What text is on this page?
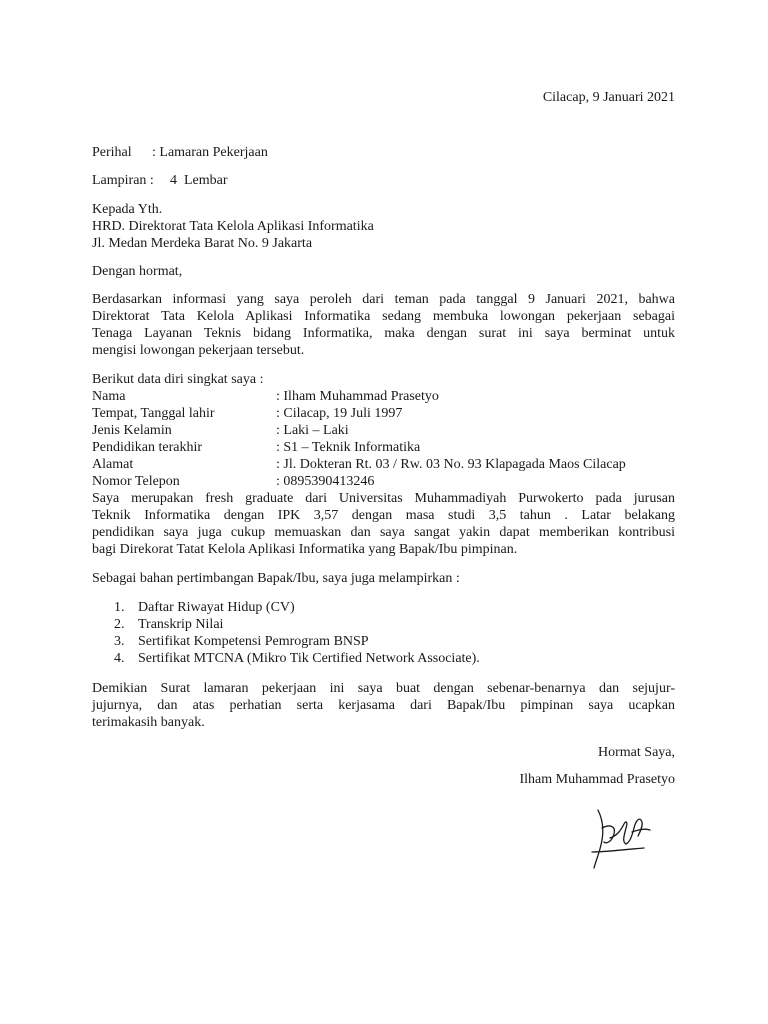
Cilacap, 9 Januari 2021
Perihal : Lamaran Pekerjaan
Lampiran : 4  Lembar
Kepada Yth.
HRD. Direktorat Tata Kelola Aplikasi Informatika
Jl. Medan Merdeka Barat No. 9 Jakarta
Dengan hormat,
Berdasarkan informasi yang saya peroleh dari teman pada tanggal 9 Januari 2021, bahwa
Direktorat Tata Kelola Aplikasi Informatika sedang membuka lowongan pekerjaan sebagai
Tenaga Layanan Teknis bidang Informatika, maka dengan surat ini saya berminat untuk
mengisi lowongan pekerjaan tersebut.
Berikut data diri singkat saya :
Nama	: Ilham Muhammad Prasetyo
Tempat, Tanggal lahir	: Cilacap, 19 Juli 1997
Jenis Kelamin	: Laki – Laki
Pendidikan terakhir	: S1 – Teknik Informatika
Alamat	: Jl. Dokteran Rt. 03 / Rw. 03 No. 93 Klapagada Maos Cilacap
Nomor Telepon	: 0895390413246
Saya merupakan fresh graduate dari Universitas Muhammadiyah Purwokerto pada jurusan
Teknik Informatika dengan IPK 3,57 dengan masa studi 3,5 tahun . Latar belakang
pendidikan saya juga cukup memuaskan dan saya sangat yakin dapat memberikan kontribusi
bagi Direkorat Tatat Kelola Aplikasi Informatika yang Bapak/Ibu pimpinan.
Sebagai bahan pertimbangan Bapak/Ibu, saya juga melampirkan :
1. Daftar Riwayat Hidup (CV)
2. Transkrip Nilai
3. Sertifikat Kompetensi Pemrogram BNSP
4. Sertifikat MTCNA (Mikro Tik Certified Network Associate).
Demikian Surat lamaran pekerjaan ini saya buat dengan sebenar-benarnya dan sejujur-
jujurnya, dan atas perhatian serta kerjasama dari Bapak/Ibu pimpinan saya ucapkan
terimakasih banyak.
Hormat Saya,
Ilham Muhammad Prasetyo
